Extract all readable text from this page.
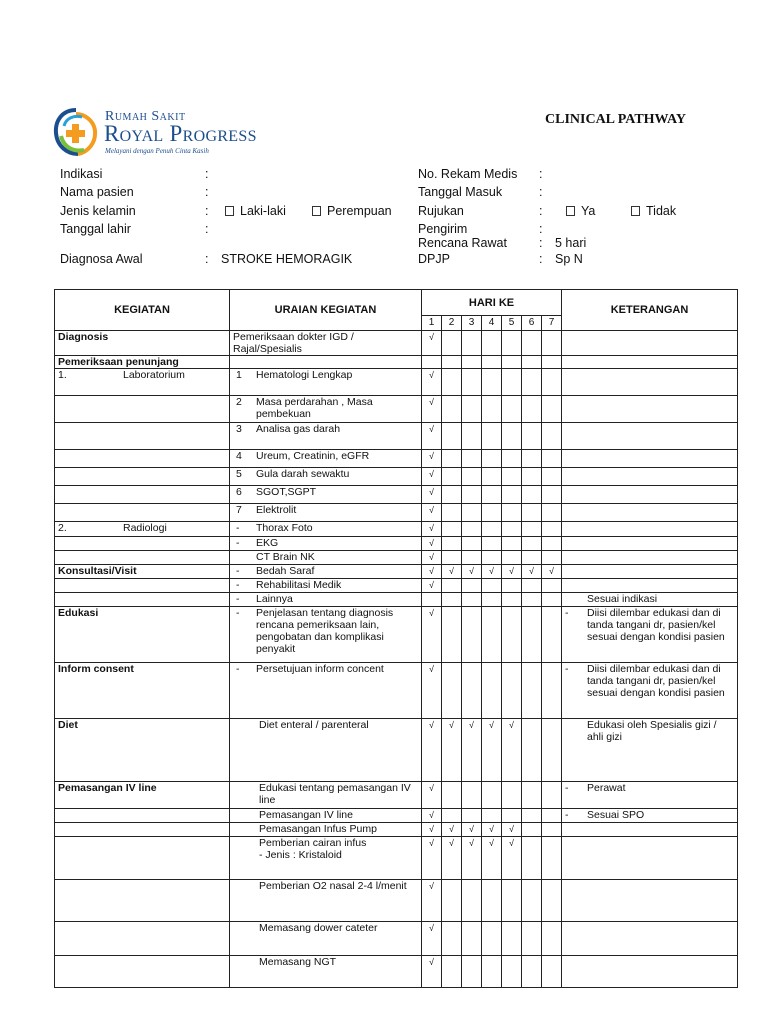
Rumah Sakit
Royal Progress
Melayani dengan Penuh Cinta Kasih
CLINICAL PATHWAY
Indikasi	:
Nama pasien	:
Jenis kelamin	:	Laki-laki	Perempuan
Tanggal lahir	:
Diagnosa Awal	: STROKE HEMORAGIK
No. Rekam Medis :
Tanggal Masuk	:
Rujukan	:	Ya	Tidak
Pengirim	:
Rencana Rawat	: 5 hari
DPJP	: Sp N
KEGIATAN	URAIAN KEGIATAN	HARI KE							KETERANGAN
		1	2	3	4	5	6	7	
Diagnosis	Pemeriksaan dokter IGD / Rajal/Spesialis	√							

Pemeriksaan penunjang	

1. Laboratorium	1 Hematologi Lengkap	√							

	2 Masa perdarahan , Masa pembekuan	√							

	3 Analisa gas darah	√							

	4 Ureum, Creatinin, eGFR	√							

	5 Gula darah sewaktu	√							

	6 SGOT,SGPT	√							

	7 Elektrolit	√							

2. Radiologi	- Thorax Foto	√							

	- EKG	√							

	CT Brain NK	√							

Konsultasi/Visit	- Bedah Saraf	√	√	√	√	√	√	√	

	- Rehabilitasi Medik	√							

	- Lainnya								Sesuai indikasi

Edukasi	- Penjelasan tentang diagnosis rencana pemeriksaan lain, pengobatan dan komplikasi penyakit	√							- Diisi dilembar edukasi dan di tanda tangani dr, pasien/kel sesuai dengan kondisi pasien

Inform consent	- Persetujuan inform concent	√							- Diisi dilembar edukasi dan di tanda tangani dr, pasien/kel sesuai dengan kondisi pasien

Diet	Diet enteral / parenteral	√	√	√	√	√			Edukasi oleh Spesialis gizi / ahli gizi

Pemasangan IV line	Edukasi tentang pemasangan IV line	√							- Perawat

	Pemasangan IV line	√							- Sesuai SPO

	Pemasangan Infus Pump	√	√	√	√	√			

	Pemberian cairan infus
- Jenis : Kristaloid	√	√	√	√	√			

	Pemberian O2 nasal 2-4 l/menit	√							

	Memasang dower cateter	√							

	Memasang NGT	√							
